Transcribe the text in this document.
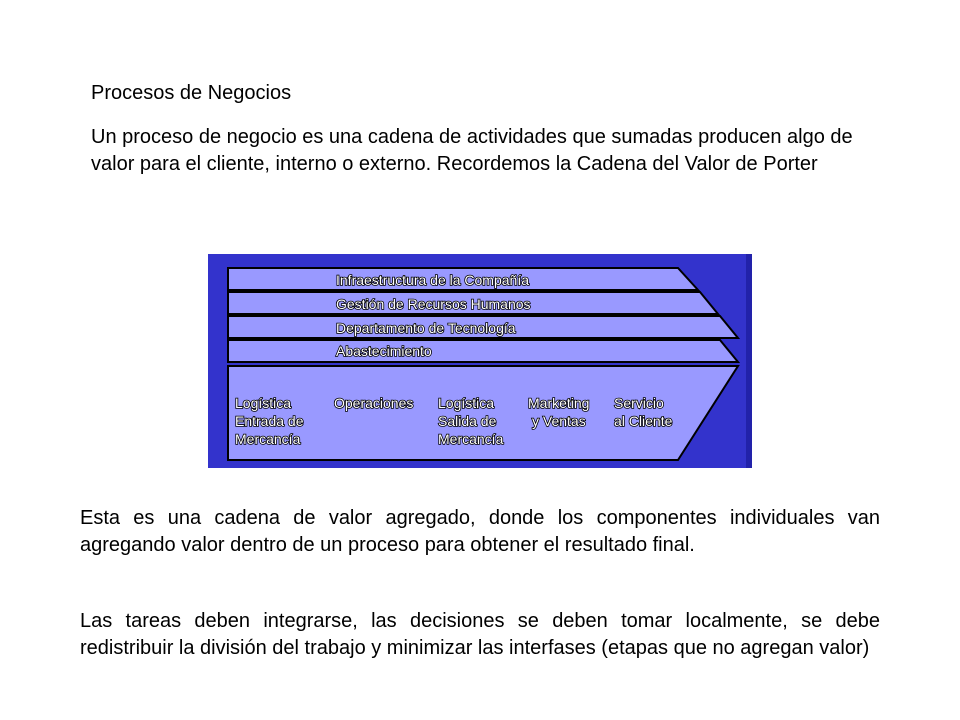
Procesos de Negocios
Un proceso de negocio es una cadena de actividades que sumadas producen algo de valor para el cliente, interno o externo. Recordemos la Cadena del Valor de Porter
Infraestructura de la Compañía
Gestión de Recursos Humanos
Departamento de Tecnología
Abastecimiento
Logística
Entrada de
Mercancía
Operaciones Logística
Salida de
Mercancía
Marketing
y Ventas
Servicio
al Cliente
Esta es una cadena de valor agregado, donde los componentes individuales van agregando valor dentro de un proceso para obtener el resultado final.
Las tareas deben integrarse, las decisiones se deben tomar localmente, se debe redistribuir la división del trabajo y minimizar las interfases (etapas que no agregan valor)
